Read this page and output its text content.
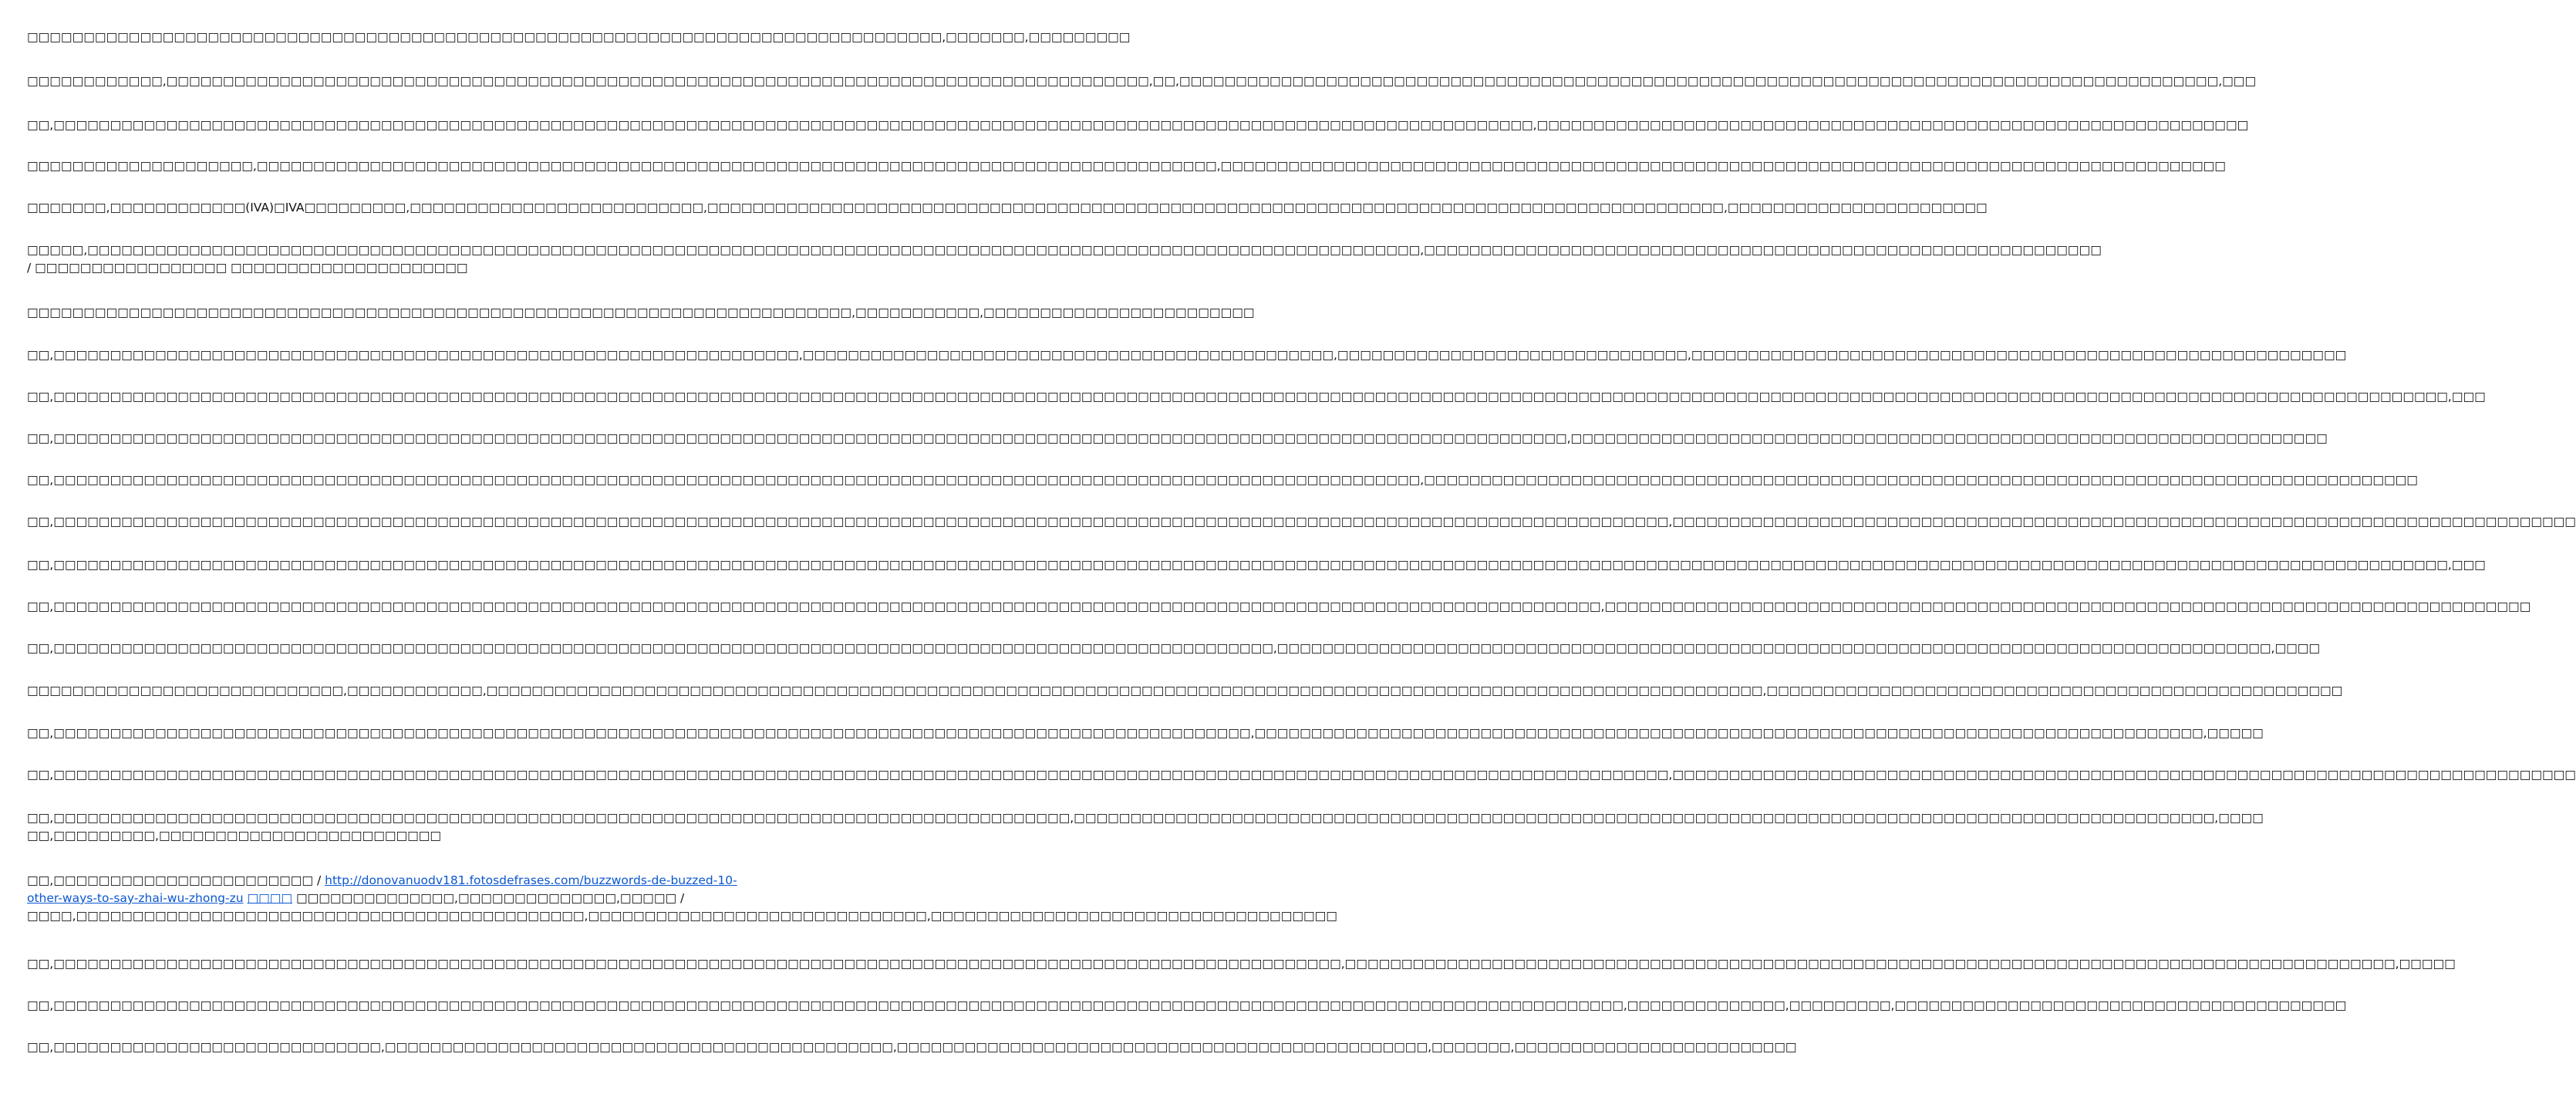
□□□□□□□□□□□□□□□□□□□□□□□□□□□□□□□□□□□□□□□□□□□□□□□□□□□□□□□□□□□□□□□□□□□□□□□□□□□□□□□□□,□□□□□□□,□□□□□□□□□

□□□□□□□□□□□□,□□□□□□□□□□□□□□□□□□□□□□□□□□□□□□□□□□□□□□□□□□□□□□□□□□□□□□□□□□□□□□□□□□□□□□□□□□□□□□□□□□□□□□□,□□,□□□□□□□□□□□□□□□□□□□□□□□□□□□□□□□□□□□□□□□□□□□□□□□□□□□□□□□□□□□□□□□□□□□□□□□□□□□□□□□□□□□□□□□□□□□□,□□□

□□,□□□□□□□□□□□□□□□□□□□□□□□□□□□□□□□□□□□□□□□□□□□□□□□□□□□□□□□□□□□□□□□□□□□□□□□□□□□□□□□□□□□□□□□□□□□□□□□□□□□□□□□□□□□□□□□□□□□□□□□□□□□□□□□□□□□,□□□□□□□□□□□□□□□□□□□□□□□□□□□□□□□□□□□□□□□□□□□□□□□□□□□□□□□□□□□□□□□

□□□□□□□□□□□□□□□□□□□□,□□□□□□□□□□□□□□□□□□□□□□□□□□□□□□□□□□□□□□□□□□□□□□□□□□□□□□□□□□□□□□□□□□□□□□□□□□□□□□□□□□□□□,□□□□□□□□□□□□□□□□□□□□□□□□□□□□□□□□□□□□□□□□□□□□□□□□□□□□□□□□□□□□□□□□□□□□□□□□□□□□□□□□□□□□□□□□□

□□□□□□□,□□□□□□□□□□□□(IVA)□IVA□□□□□□□□□,□□□□□□□□□□□□□□□□□□□□□□□□□□,□□□□□□□□□□□□□□□□□□□□□□□□□□□□□□□□□□□□□□□□□□□□□□□□□□□□□□□□□□□□□□□□□□□□□□□□□□□□□□□□□□□□□□□□□□,□□□□□□□□□□□□□□□□□□□□□□□

□□□□□,□□□□□□□□□□□□□□□□□□□□□□□□□□□□□□□□□□□□□□□□□□□□□□□□□□□□□□□□□□□□□□□□□□□□□□□□□□□□□□□□□□□□□□□□□□□□□□□□□□□□□□□□□□□□□□□□□□□□□□,□□□□□□□□□□□□□□□□□□□□□□□□□□□□□□□□□□□□□□□□□□□□□□□□□□□□□□□□□□□□
/ □□□□□□□□□□□□□□□□□ □□□□□□□□□□□□□□□□□□□□□

□□□□□□□□□□□□□□□□□□□□□□□□□□□□□□□□□□□□□□□□□□□□□□□□□□□□□□□□□□□□□□□□□□□□□□□□□,□□□□□□□□□□□,□□□□□□□□□□□□□□□□□□□□□□□□

□□,□□□□□□□□□□□□□□□□□□□□□□□□□□□□□□□□□□□□□□□□□□□□□□□□□□□□□□□□□□□□□□□□□□,□□□□□□□□□□□□□□□□□□□□□□□□□□□□□□□□□□□□□□□□□□□□□□□,□□□□□□□□□□□□□□□□□□□□□□□□□□□□□□□,□□□□□□□□□□□□□□□□□□□□□□□□□□□□□□□□□□□□□□□□□□□□□□□□□□□□□□□□□□

□□,□□□□□□□□□□□□□□□□□□□□□□□□□□□□□□□□□□□□□□□□□□□□□□□□□□□□□□□□□□□□□□□□□□□□□□□□□□□□□□□□□□□□□□□□□□□□□□□□□□□□□□□□□□□□□□□□□□□□□□□□□□□□□□□□□□□□□□□□□□□□□□□□□□□□□□□□□□□□□□□□□□□□□□□□□□□□□□□□□□□□□□□□□□□□□□□□□□□□□□□□□□□□□□□□□□□□,□□□

□□,□□□□□□□□□□□□□□□□□□□□□□□□□□□□□□□□□□□□□□□□□□□□□□□□□□□□□□□□□□□□□□□□□□□□□□□□□□□□□□□□□□□□□□□□□□□□□□□□□□□□□□□□□□□□□□□□□□□□□□□□□□□□□□□□□□□□□□,□□□□□□□□□□□□□□□□□□□□□□□□□□□□□□□□□□□□□□□□□□□□□□□□□□□□□□□□□□□□□□□□□□□

□□,□□□□□□□□□□□□□□□□□□□□□□□□□□□□□□□□□□□□□□□□□□□□□□□□□□□□□□□□□□□□□□□□□□□□□□□□□□□□□□□□□□□□□□□□□□□□□□□□□□□□□□□□□□□□□□□□□□□□□□□□□,□□□□□□□□□□□□□□□□□□□□□□□□□□□□□□□□□□□□□□□□□□□□□□□□□□□□□□□□□□□□□□□□□□□□□□□□□□□□□□□□□□□□□□□□

□□,□□□□□□□□□□□□□□□□□□□□□□□□□□□□□□□□□□□□□□□□□□□□□□□□□□□□□□□□□□□□□□□□□□□□□□□□□□□□□□□□□□□□□□□□□□□□□□□□□□□□□□□□□□□□□□□□□□□□□□□□□□□□□□□□□□□□□□□□□□□□□□□,□□□□□□□□□□□□□□□□□□□□□□□□□□□□□□□□□□□□□□□□□□□□□□□□□□□□□□□□□□□□□□□□□□□□□□□□□□□□□□□□

□□,□□□□□□□□□□□□□□□□□□□□□□□□□□□□□□□□□□□□□□□□□□□□□□□□□□□□□□□□□□□□□□□□□□□□□□□□□□□□□□□□□□□□□□□□□□□□□□□□□□□□□□□□□□□□□□□□□□□□□□□□□□□□□□□□□□□□□□□□□□□□□□□□□□□□□□□□□□□□□□□□□□□□□□□□□□□□□□□□□□□□□□□□□□□□□□□□□□□□□□□□□□□□□□□□□□□□,□□□

□□,□□□□□□□□□□□□□□□□□□□□□□□□□□□□□□□□□□□□□□□□□□□□□□□□□□□□□□□□□□□□□□□□□□□□□□□□□□□□□□□□□□□□□□□□□□□□□□□□□□□□□□□□□□□□□□□□□□□□□□□□□□□□□□□□□□□□□□□□□,□□□□□□□□□□□□□□□□□□□□□□□□□□□□□□□□□□□□□□□□□□□□□□□□□□□□□□□□□□□□□□□□□□□□□□□□□□□□□□□□□□

□□,□□□□□□□□□□□□□□□□□□□□□□□□□□□□□□□□□□□□□□□□□□□□□□□□□□□□□□□□□□□□□□□□□□□□□□□□□□□□□□□□□□□□□□□□□□□□□□□□□□□□□□□□□□□□,□□□□□□□□□□□□□□□□□□□□□□□□□□□□□□□□□□□□□□□□□□□□□□□□□□□□□□□□□□□□□□□□□□□□□□□□□□□□□□□□□□□□□□□□,□□□□

□□□□□□□□□□□□□□□□□□□□□□□□□□□□,□□□□□□□□□□□□,□□□□□□□□□□□□□□□□□□□□□□□□□□□□□□□□□□□□□□□□□□□□□□□□□□□□□□□□□□□□□□□□□□□□□□□□□□□□□□□□□□□□□□□□□□□□□□□□□□□□□□□□□□□□□□□□□,□□□□□□□□□□□□□□□□□□□□□□□□□□□□□□□□□□□□□□□□□□□□□□□□□□□

□□,□□□□□□□□□□□□□□□□□□□□□□□□□□□□□□□□□□□□□□□□□□□□□□□□□□□□□□□□□□□□□□□□□□□□□□□□□□□□□□□□□□□□□□□□□□□□□□□□□□□□□□□□□□,□□□□□□□□□□□□□□□□□□□□□□□□□□□□□□□□□□□□□□□□□□□□□□□□□□□□□□□□□□□□□□□□□□□□□□□□□□□□□□□□□□□□,□□□□□

□□,□□□□□□□□□□□□□□□□□□□□□□□□□□□□□□□□□□□□□□□□□□□□□□□□□□□□□□□□□□□□□□□□□□□□□□□□□□□□□□□□□□□□□□□□□□□□□□□□□□□□□□□□□□□□□□□□□□□□□□□□□□□□□□□□□□□□□□□□□□□□□□□,□□□□□□□□□□□□□□□□□□□□□□□□□□□□□□□□□□□□□□□□□□□□□□□□□□□□□□□□□□□□□□□□□□□□□□□□□□□□□□□□

□□,□□□□□□□□□□□□□□□□□□□□□□□□□□□□□□□□□□□□□□□□□□□□□□□□□□□□□□□□□□□□□□□□□□□□□□□□□□□□□□□□□□□□□□□□□□,□□□□□□□□□□□□□□□□□□□□□□□□□□□□□□□□□□□□□□□□□□□□□□□□□□□□□□□□□□□□□□□□□□□□□□□□□□□□□□□□□□□□□□□□□□□□□□□□□□□□□,□□□□
□□,□□□□□□□□□,□□□□□□□□□□□□□□□□□□□□□□□□□

□□,□□□□□□□□□□□□□□□□□□□□□□□ / http://donovanuodv181.fotosdefrases.com/buzzwords-de-buzzed-10-other-ways-to-say-zhai-wu-zhong-zu □□□□ □□□□□□□□□□□□□□,□□□□□□□□□□□□□□,□□□□□ /
□□□□,□□□□□□□□□□□□□□□□□□□□□□□□□□□□□□□□□□□□□□□□□□□□□,□□□□□□□□□□□□□□□□□□□□□□□□□□□□□□,□□□□□□□□□□□□□□□□□□□□□□□□□□□□□□□□□□□□

□□,□□□□□□□□□□□□□□□□□□□□□□□□□□□□□□□□□□□□□□□□□□□□□□□□□□□□□□□□□□□□□□□□□□□□□□□□□□□□□□□□□□□□□□□□□□□□□□□□□□□□□□□□□□□□□□□□□□,□□□□□□□□□□□□□□□□□□□□□□□□□□□□□□□□□□□□□□□□□□□□□□□□□□□□□□□□□□□□□□□□□□□□□□□□□□□□□□□□□□□□□□□□□□□□□,□□□□□

□□,□□□□□□□□□□□□□□□□□□□□□□□□□□□□□□□□□□□□□□□□□□□□□□□□□□□□□□□□□□□□□□□□□□□□□□□□□□□□□□□□□□□□□□□□□□□□□□□□□□□□□□□□□□□□□□□□□□□□□□□□□□□□□□□□□□□□□□□□□□□,□□□□□□□□□□□□□□,□□□□□□□□□,□□□□□□□□□□□□□□□□□□□□□□□□□□□□□□□□□□□□□□□□

□□,□□□□□□□□□□□□□□□□□□□□□□□□□□□□□,□□□□□□□□□□□□□□□□□□□□□□□□□□□□□□□□□□□□□□□□□□□□□,□□□□□□□□□□□□□□□□□□□□□□□□□□□□□□□□□□□□□□□□□□□□□□□,□□□□□□□,□□□□□□□□□□□□□□□□□□□□□□□□□
